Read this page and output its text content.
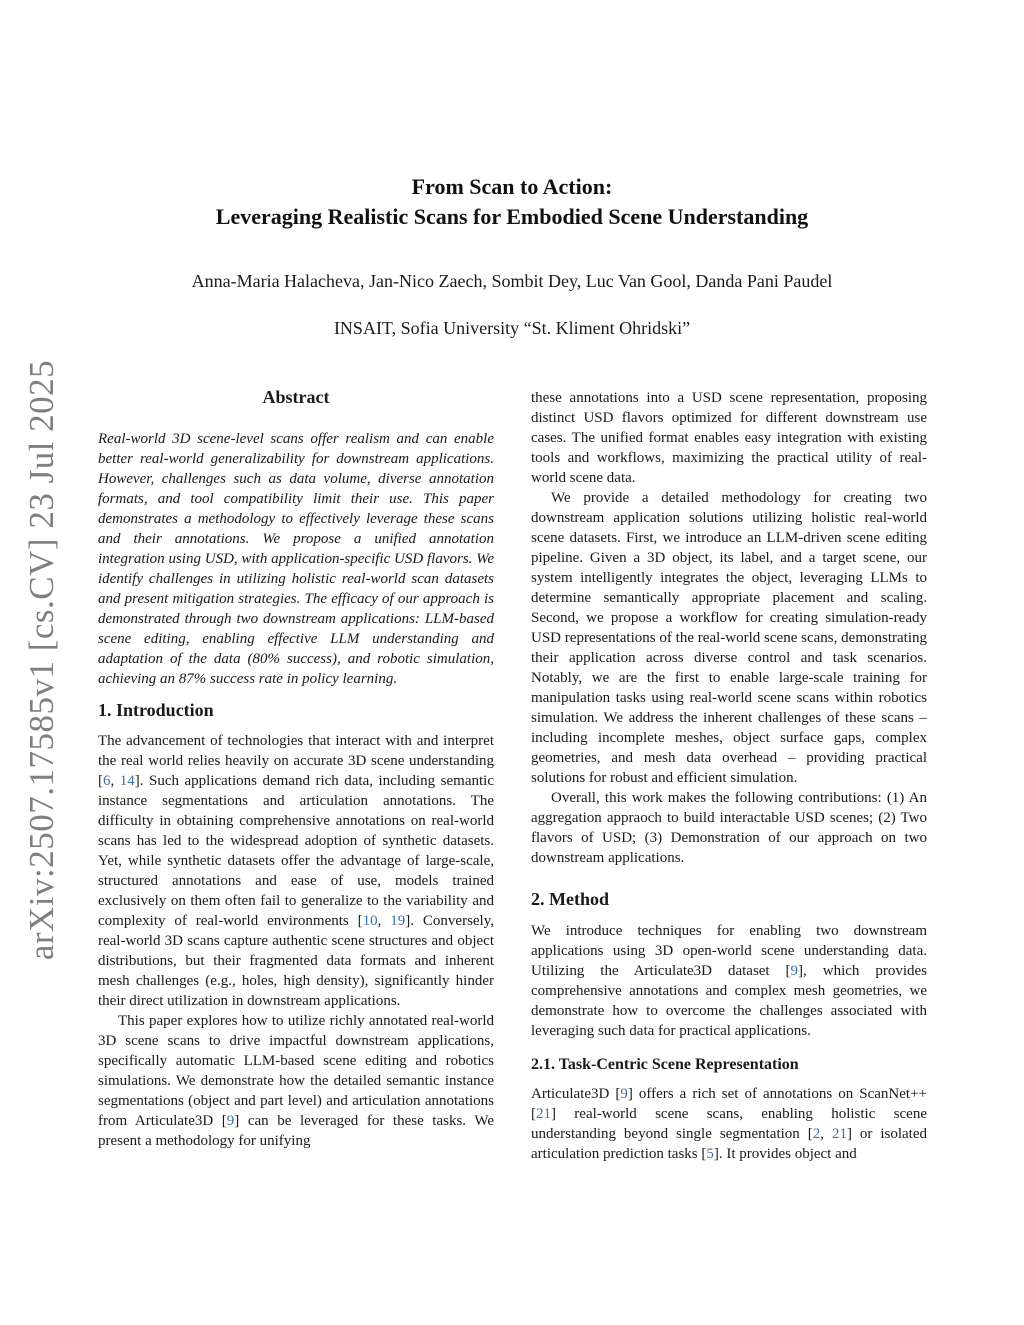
arXiv:2507.17585v1 [cs.CV] 23 Jul 2025
From Scan to Action:
Leveraging Realistic Scans for Embodied Scene Understanding
Anna-Maria Halacheva, Jan-Nico Zaech, Sombit Dey, Luc Van Gool, Danda Pani Paudel
INSAIT, Sofia University “St. Kliment Ohridski”
Abstract

Real-world 3D scene-level scans offer realism and can enable better real-world generalizability for downstream applications. However, challenges such as data volume, diverse annotation formats, and tool compatibility limit their use. This paper demonstrates a methodology to effectively leverage these scans and their annotations. We propose a unified annotation integration using USD, with application-specific USD flavors. We identify challenges in utilizing holistic real-world scan datasets and present mitigation strategies. The efficacy of our approach is demonstrated through two downstream applications: LLM-based scene editing, enabling effective LLM understanding and adaptation of the data (80% success), and robotic simulation, achieving an 87% success rate in policy learning.

1. Introduction

The advancement of technologies that interact with and interpret the real world relies heavily on accurate 3D scene understanding [6, 14]. Such applications demand rich data, including semantic instance segmentations and articulation annotations. The difficulty in obtaining comprehensive annotations on real-world scans has led to the widespread adoption of synthetic datasets. Yet, while synthetic datasets offer the advantage of large-scale, structured annotations and ease of use, models trained exclusively on them often fail to generalize to the variability and complexity of real-world environments [10, 19]. Conversely, real-world 3D scans capture authentic scene structures and object distributions, but their fragmented data formats and inherent mesh challenges (e.g., holes, high density), significantly hinder their direct utilization in downstream applications.

This paper explores how to utilize richly annotated real-world 3D scene scans to drive impactful downstream applications, specifically automatic LLM-based scene editing and robotics simulations. We demonstrate how the detailed semantic instance segmentations (object and part level) and articulation annotations from Articulate3D [9] can be leveraged for these tasks. We present a methodology for unifying

these annotations into a USD scene representation, proposing distinct USD flavors optimized for different downstream use cases. The unified format enables easy integration with existing tools and workflows, maximizing the practical utility of real-world scene data.

We provide a detailed methodology for creating two downstream application solutions utilizing holistic real-world scene datasets. First, we introduce an LLM-driven scene editing pipeline. Given a 3D object, its label, and a target scene, our system intelligently integrates the object, leveraging LLMs to determine semantically appropriate placement and scaling. Second, we propose a workflow for creating simulation-ready USD representations of the real-world scene scans, demonstrating their application across diverse control and task scenarios. Notably, we are the first to enable large-scale training for manipulation tasks using real-world scene scans within robotics simulation. We address the inherent challenges of these scans – including incomplete meshes, object surface gaps, complex geometries, and mesh data overhead – providing practical solutions for robust and efficient simulation.

Overall, this work makes the following contributions: (1) An aggregation appraoch to build interactable USD scenes; (2) Two flavors of USD; (3) Demonstration of our approach on two downstream applications.

2. Method

We introduce techniques for enabling two downstream applications using 3D open-world scene understanding data. Utilizing the Articulate3D dataset [9], which provides comprehensive annotations and complex mesh geometries, we demonstrate how to overcome the challenges associated with leveraging such data for practical applications.

2.1. Task-Centric Scene Representation

Articulate3D [9] offers a rich set of annotations on ScanNet++ [21] real-world scene scans, enabling holistic scene understanding beyond single segmentation [2, 21] or isolated articulation prediction tasks [5]. It provides object and
